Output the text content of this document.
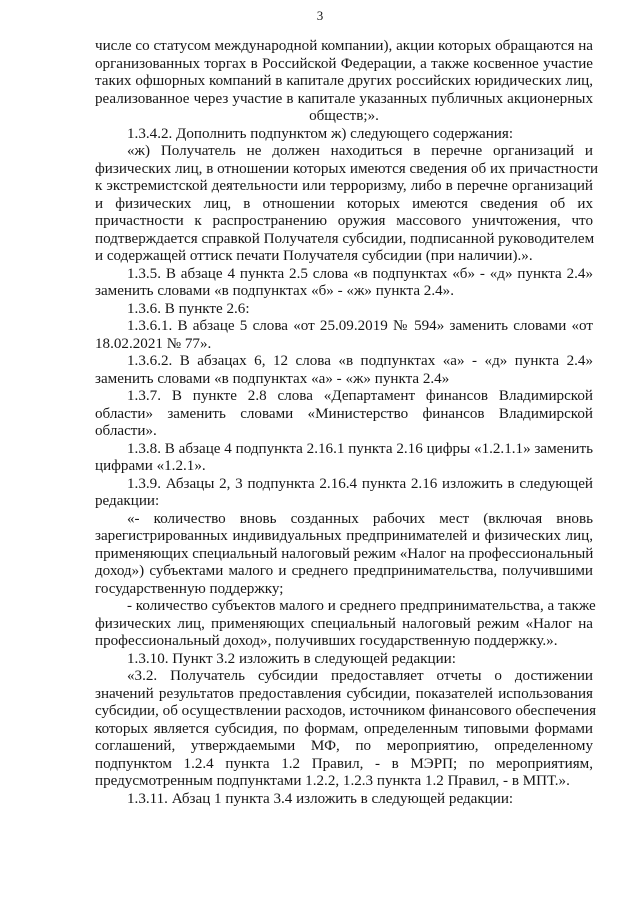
3
числе со статусом международной компании), акции которых обращаются на
организованных торгах в Российской Федерации, а также косвенное участие
таких офшорных компаний в капитале других российских юридических лиц,
реализованное через участие в капитале указанных публичных акционерных
обществ;».
1.3.4.2. Дополнить подпунктом ж) следующего содержания:
«ж) Получатель не должен находиться в перечне организаций и
физических лиц, в отношении которых имеются сведения об их причастности
к экстремистской деятельности или терроризму, либо в перечне организаций
и физических лиц, в отношении которых имеются сведения об их
причастности к распространению оружия массового уничтожения, что
подтверждается справкой Получателя субсидии, подписанной руководителем
и содержащей оттиск печати Получателя субсидии (при наличии).».
1.3.5. В абзаце 4 пункта 2.5 слова «в подпунктах «б» - «д» пункта 2.4»
заменить словами «в подпунктах «б» - «ж» пункта 2.4».
1.3.6. В пункте 2.6:
1.3.6.1. В абзаце 5 слова «от 25.09.2019 № 594» заменить словами «от
18.02.2021 № 77».
1.3.6.2. В абзацах 6, 12 слова «в подпунктах «а» - «д» пункта 2.4»
заменить словами «в подпунктах «а» - «ж» пункта 2.4»
1.3.7. В пункте 2.8 слова «Департамент финансов Владимирской
области» заменить словами «Министерство финансов Владимирской
области».
1.3.8. В абзаце 4 подпункта 2.16.1 пункта 2.16 цифры «1.2.1.1» заменить
цифрами «1.2.1».
1.3.9. Абзацы 2, 3 подпункта 2.16.4 пункта 2.16 изложить в следующей
редакции:
«- количество вновь созданных рабочих мест (включая вновь
зарегистрированных индивидуальных предпринимателей и физических лиц,
применяющих специальный налоговый режим «Налог на профессиональный
доход») субъектами малого и среднего предпринимательства, получившими
государственную поддержку;
- количество субъектов малого и среднего предпринимательства, а также
физических лиц, применяющих специальный налоговый режим «Налог на
профессиональный доход», получивших государственную поддержку.».
1.3.10. Пункт 3.2 изложить в следующей редакции:
«3.2. Получатель субсидии предоставляет отчеты о достижении
значений результатов предоставления субсидии, показателей использования
субсидии, об осуществлении расходов, источником финансового обеспечения
которых является субсидия, по формам, определенным типовыми формами
соглашений, утверждаемыми МФ, по мероприятию, определенному
подпунктом 1.2.4 пункта 1.2 Правил, - в МЭРП; по мероприятиям,
предусмотренным подпунктами 1.2.2, 1.2.3 пункта 1.2 Правил, - в МПТ.».
1.3.11. Абзац 1 пункта 3.4 изложить в следующей редакции:
